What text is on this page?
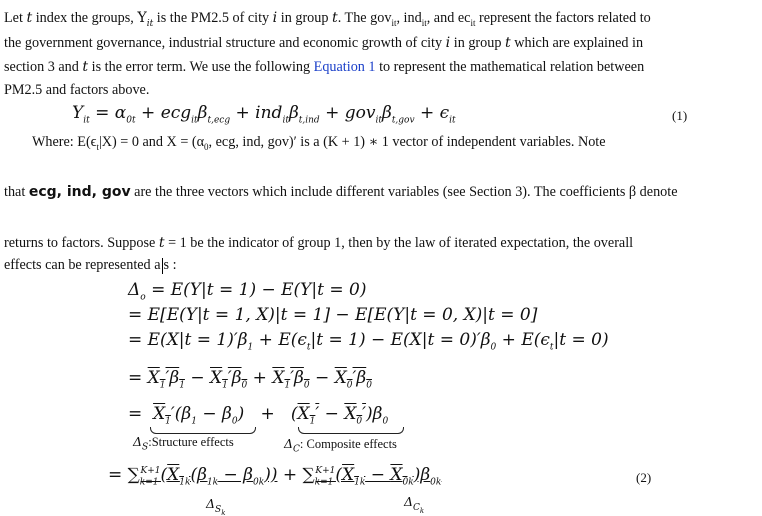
Let t index the groups, $Y_{it}$ is the PM2.5 of city i in group t. The gov$_{it}$, ind$_{it}$, and $ec_{it}$ represent the factors related to
the government governance, industrial structure and economic growth of city i in group t which are explained in
section 3 and t is the error term. We use the following Equation 1 to represent the mathematical relation between
PM2.5 and factors above.
$Y_{it} = \alpha_{0t} + ecg_{it}\beta_{t,ecg} + ind_{it}\beta_{t,ind} + gov_{it}\beta_{t,gov} + \epsilon_{it}$	(1)
Where: $E(\epsilon_t|X) = 0$ and $X = (\alpha_0$, ecg, ind, gov)′ is a (K + 1) ∗ 1 vector of independent variables. Note
that ecg, ind, gov are the three vectors which include different variables (see Section 3). The coefficients β denote
returns to factors. Suppose t = 1 be the indicator of group 1, then by the law of iterated expectation, the overall
effects can be represented a s :
$\Delta_o = E(Y|t = 1) - E(Y|t = 0)$
= E[E(Y|t = 1, X)|t = 1] − E[E(Y|t = 0, X)|t = 0]
= $E(X|t = 1)'\beta_1 + E(\epsilon_t|t = 1) - E(X|t = 0)'\beta_0 + E(\epsilon_t|t = 0)$
= $X_1'\beta_1 - X_1'\beta_0 + X_1'\beta_0 - X_0'\beta_0$
=  $X_1'(\beta_1 - \beta_0) + (X_1' - X_0')\beta_0$
$\Delta_S:Structure$ effects	$\Delta_C$: Composite effects
= $\sum_{k=1}^{K+1}(X_{1k}(\beta_{1k} - \beta_{0k})) + \sum_{k=1}^{K+1}(X_{1k} - X_{0k})\beta_{0k}$
$\Delta_{S_k}$
$\Delta_{C_k}$
(2)
